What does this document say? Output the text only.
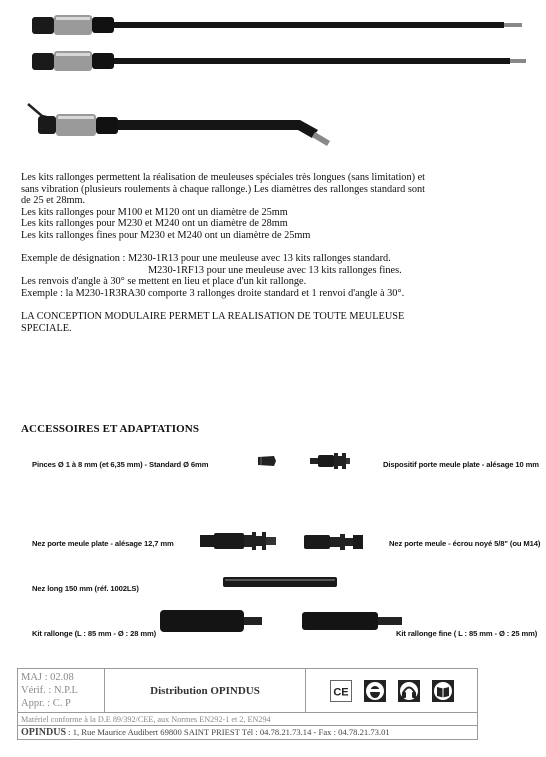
Les kits rallonges permettent la réalisation de meuleuses spéciales très longues (sans limitation) et

sans vibration (plusieurs roulements à chaque rallonge.) Les diamètres des rallonges standard sont

de 25 et 28mm.

Les kits rallonges pour M100 et M120 ont un diamètre de 25mm

Les kits rallonges pour M230 et M240 ont un diamètre de 28mm

Les kits rallonges fines pour M230 et M240 ont un diamètre de 25mm

Exemple de désignation : M230-1R13 pour une meuleuse avec 13 kits rallonges standard.

M230-1RF13 pour une meuleuse avec 13 kits rallonges fines.

Les renvois d'angle à 30° se mettent en lieu et place d'un kit rallonge.

Exemple : la M230-1R3RA30 comporte 3 rallonges droite standard et 1 renvoi d'angle à 30°.

LA CONCEPTION MODULAIRE PERMET LA REALISATION DE TOUTE MEULEUSE

SPECIALE.

ACCESSOIRES ET ADAPTATIONS
Pinces Ø 1 à 8 mm (et 6,35 mm) - Standard Ø 6mm	Dispositif porte meule plate - alésage 10 mm
Nez porte meule plate - alésage 12,7 mm	Nez porte meule - écrou noyé 5/8" (ou M14)
Nez long 150 mm (réf. 1002LS)
Kit rallonge (L : 85 mm - Ø : 28 mm)	Kit rallonge fine ( L : 85 mm - Ø : 25 mm)
MAJ : 02.08
Vérif. : N.P.L
Appr. : C. P
	Distribution OPINDUS	CE

Matériel conforme à la D.E 89/392/CEE, aux Normes EN292-1 et 2, EN294
OPINDUS : 1, Rue Maurice Audibert 69800 SAINT PRIEST Tél : 04.78.21.73.14 - Fax : 04.78.21.73.01
